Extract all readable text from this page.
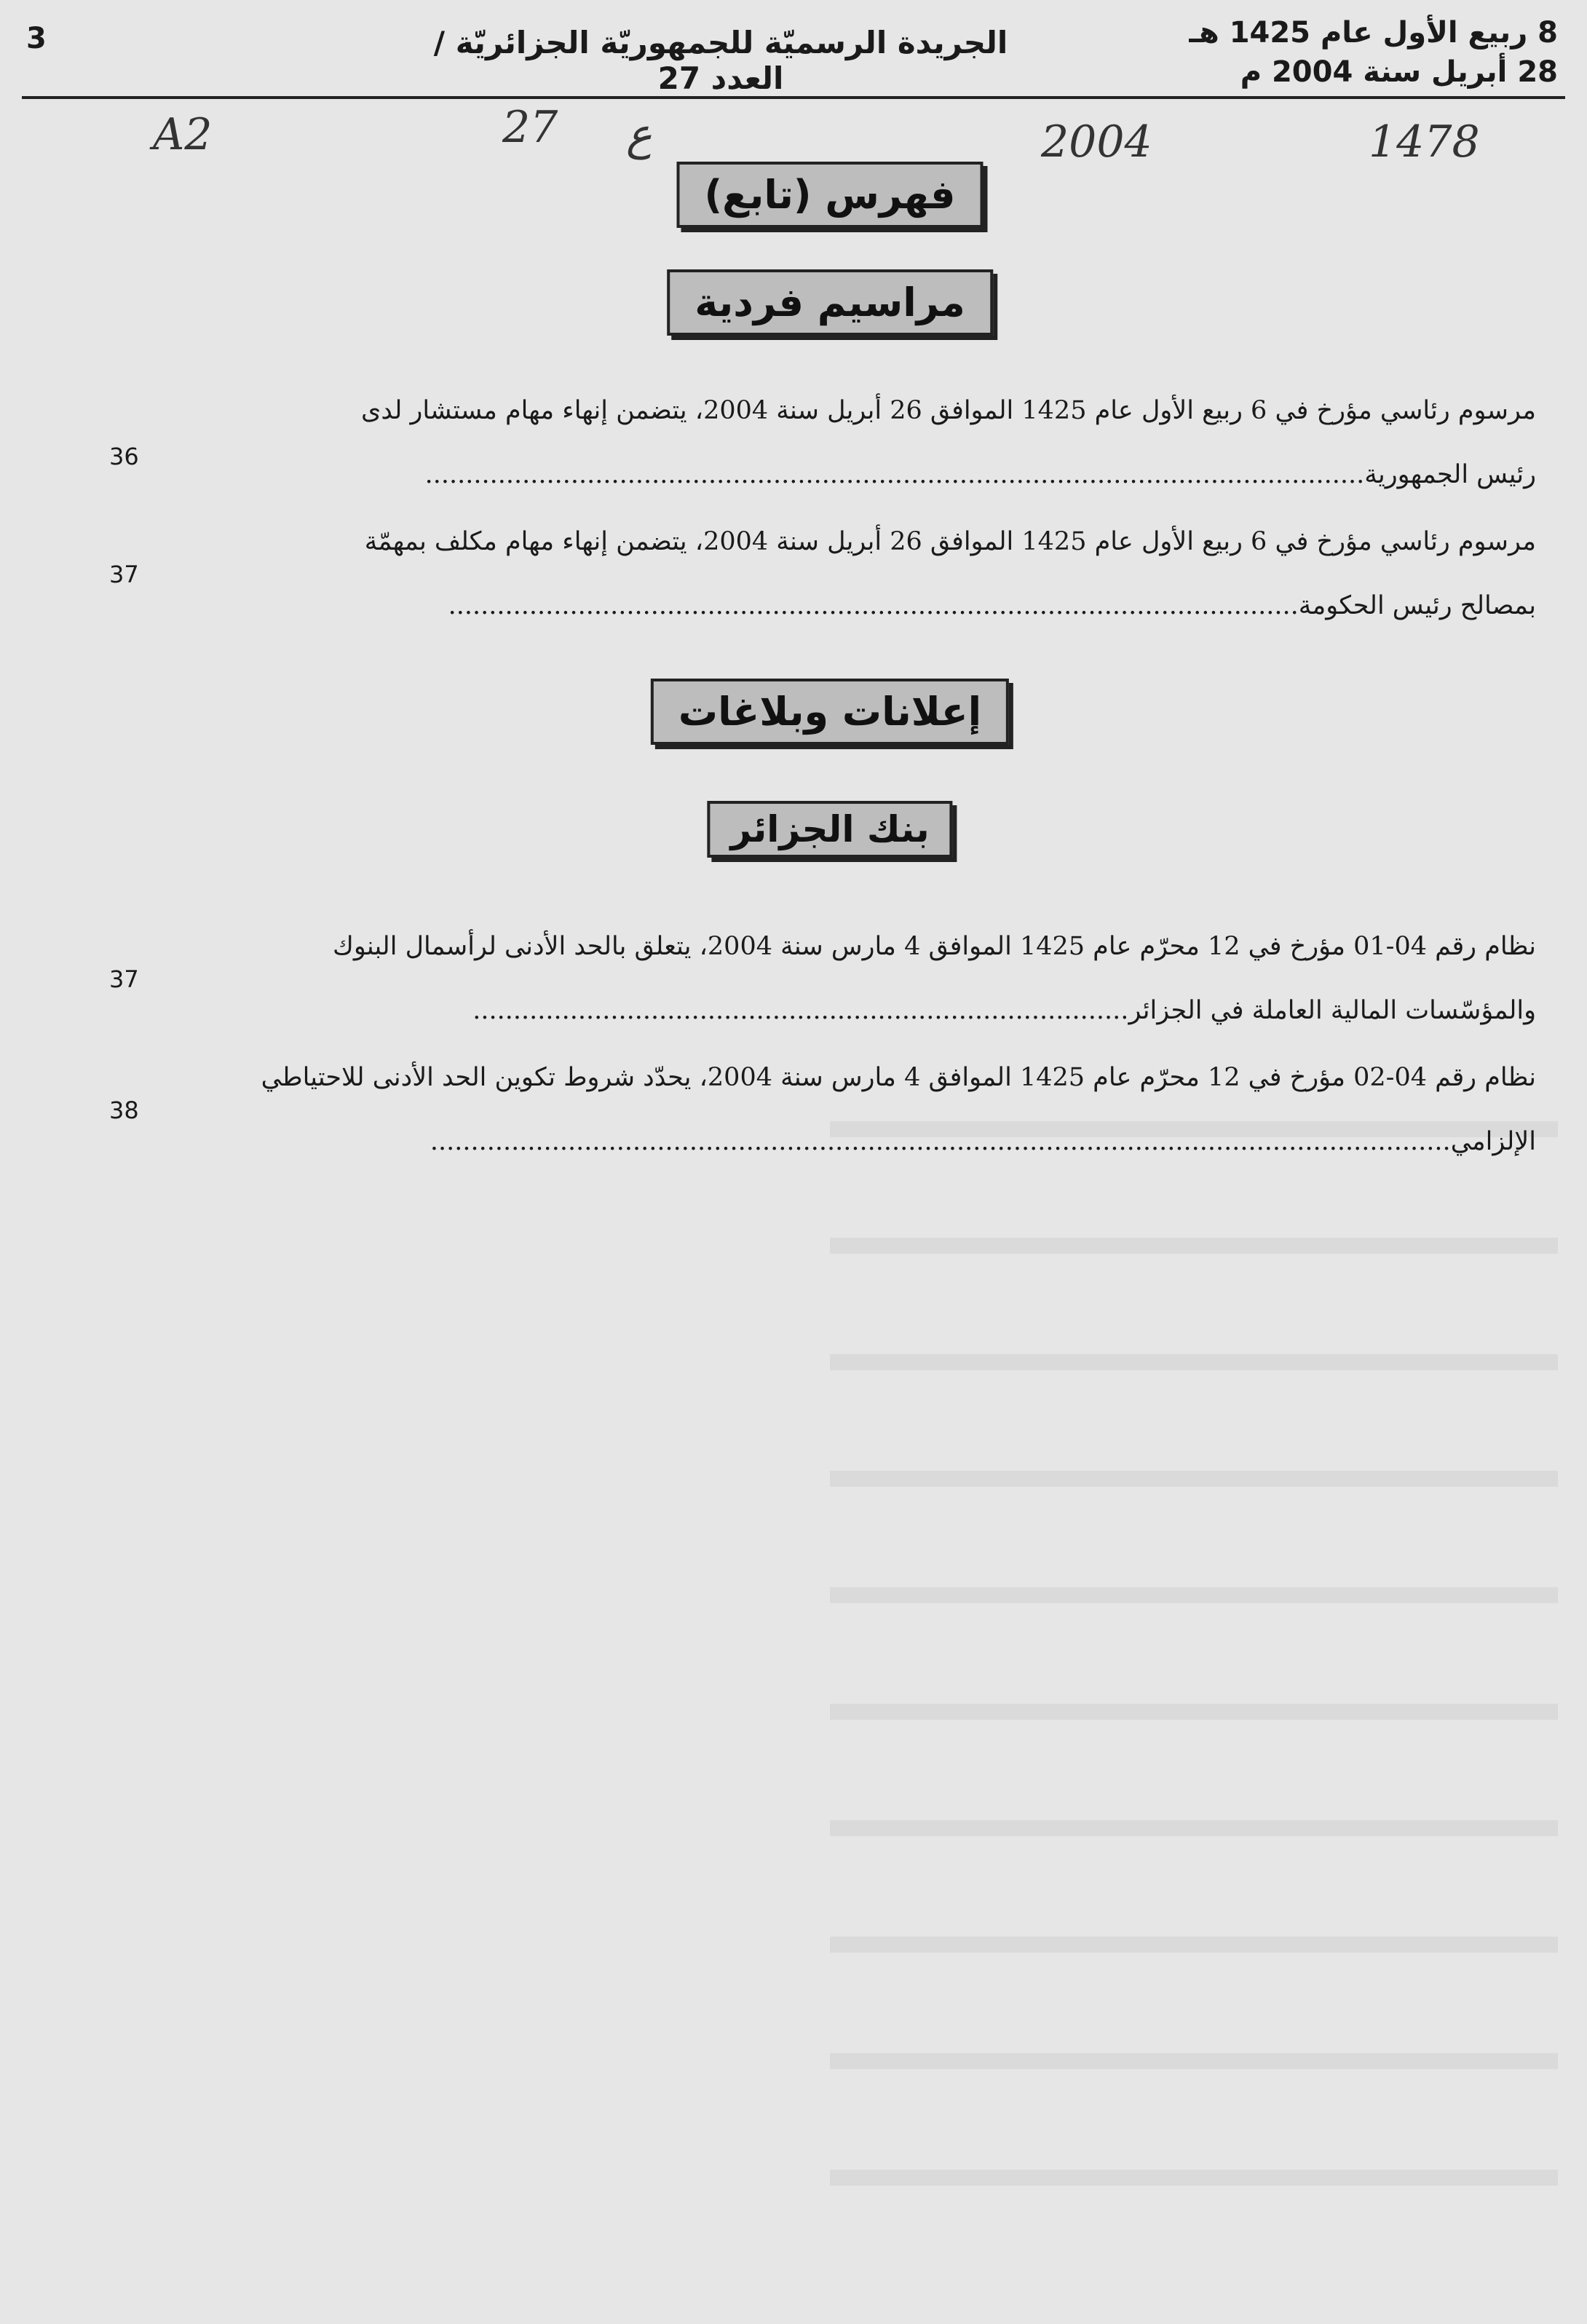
8 ربيع الأول عام 1425 هـ
28 أبريل سنة 2004 م
الجريدة الرسميّة للجمهوريّة الجزائريّة / العدد 27
3
A2	27 ع	2004	1478
فهرس (تابع)
مراسيم فردية
مرسوم رئاسي مؤرخ في 6 ربيع الأول عام 1425 الموافق 26 أبريل سنة 2004، يتضمن إنهاء مهام مستشار لدى
رئيس الجمهورية....................................................................................................................
36
مرسوم رئاسي مؤرخ في 6 ربيع الأول عام 1425 الموافق 26 أبريل سنة 2004، يتضمن إنهاء مهام مكلف بمهمّة
بمصالح رئيس الحكومة.........................................................................................................
37
إعلانات وبلاغات
بنك الجزائر
نظام رقم 04-01 مؤرخ في 12 محرّم عام 1425 الموافق 4 مارس سنة 2004، يتعلق بالحد الأدنى لرأسمال البنوك
والمؤسّسات المالية العاملة في الجزائر.................................................................................
37
نظام رقم 04-02 مؤرخ في 12 محرّم عام 1425 الموافق 4 مارس سنة 2004، يحدّد شروط تكوين الحد الأدنى للاحتياطي
الإلزامي..............................................................................................................................
38
